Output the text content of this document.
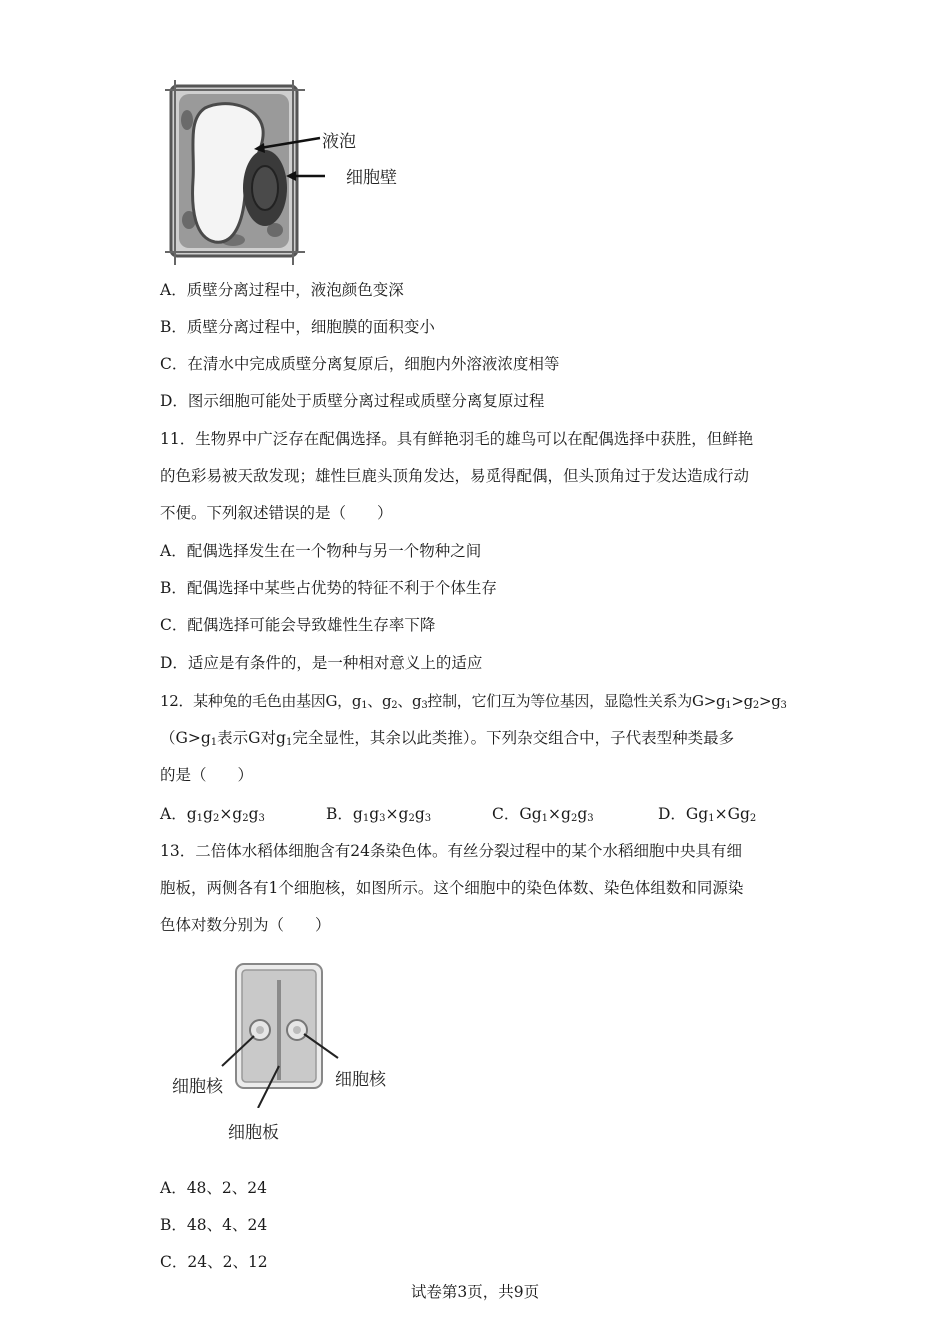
液泡
细胞壁
A．质壁分离过程中，液泡颜色变深
B．质壁分离过程中，细胞膜的面积变小
C．在清水中完成质壁分离复原后，细胞内外溶液浓度相等
D．图示细胞可能处于质壁分离过程或质壁分离复原过程
11．生物界中广泛存在配偶选择。具有鲜艳羽毛的雄鸟可以在配偶选择中获胜，但鲜艳
的色彩易被天敌发现；雄性巨鹿头顶角发达，易觅得配偶，但头顶角过于发达造成行动
不便。下列叙述错误的是（　　）
A．配偶选择发生在一个物种与另一个物种之间
B．配偶选择中某些占优势的特征不利于个体生存
C．配偶选择可能会导致雄性生存率下降
D．适应是有条件的，是一种相对意义上的适应
12．某种兔的毛色由基因G，$g_1$、$g_2$、$g_3$控制，它们互为等位基因，显隐性关系为$G>g_1>g_2>g_3$
（$G>g_1$表示G对$g_1$完全显性，其余以此类推）。下列杂交组合中，子代表型种类最多
的是（　　）
A．$g_1g_2\times g_2g_3$	B．$g_1g_3\times g_2g_3$	C．$Gg_1\times g_2g_3$	D．$Gg_1\times Gg_2$
13．二倍体水稻体细胞含有24条染色体。有丝分裂过程中的某个水稻细胞中央具有细
胞板，两侧各有1个细胞核，如图所示。这个细胞中的染色体数、染色体组数和同源染
色体对数分别为（　　）
细胞核	细胞核
细胞板
A．48、2、24
B．48、4、24
C．24、2、12
试卷第3页，共9页
